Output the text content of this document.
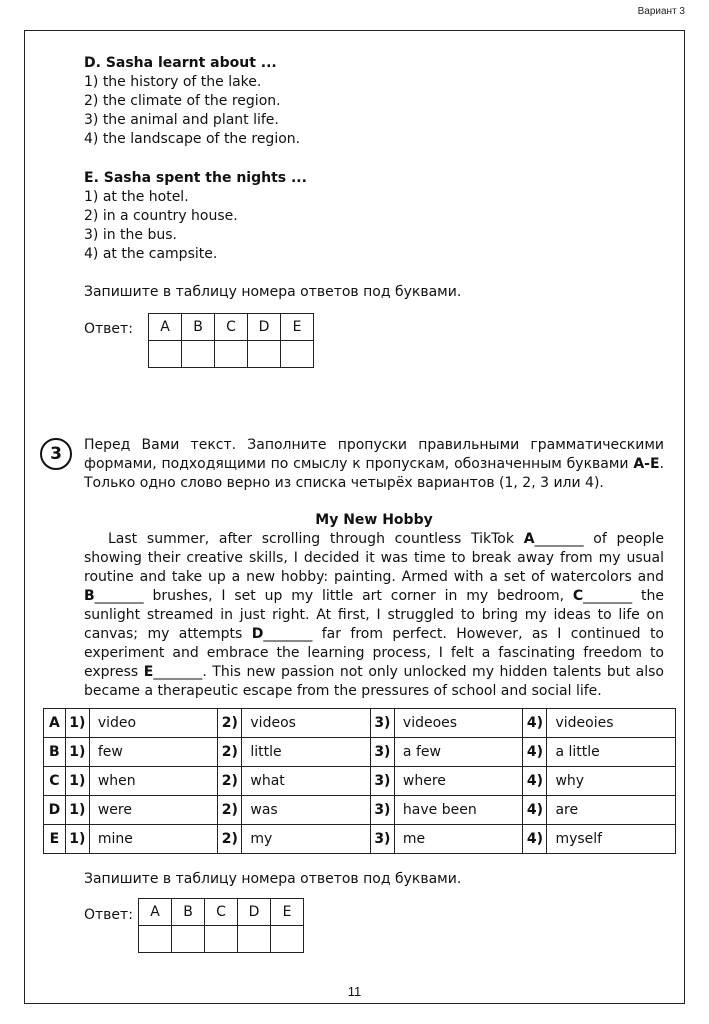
Вариант 3
D. Sasha learnt about ...
1) the history of the lake.
2) the climate of the region.
3) the animal and plant life.
4) the landscape of the region.
E. Sasha spent the nights ...
1) at the hotel.
2) in a country house.
3) in the bus.
4) at the campsite.
Запишите в таблицу номера ответов под буквами.
Ответ: A	B	C	D	E

3	Перед Вами текст. Заполните пропуски правильными грамматическими формами, подходящими по смыслу к пропускам, обозначенным буквами A-E. Только одно слово верно из списка четырёх вариантов (1, 2, 3 или 4).
My New Hobby

Last summer, after scrolling through countless TikTok A_______ of people showing their creative skills, I decided it was time to break away from my usual routine and take up a new hobby: painting. Armed with a set of watercolors and B_______ brushes, I set up my little art corner in my bedroom, C_______ the sunlight streamed in just right. At first, I struggled to bring my ideas to life on canvas; my attempts D_______ far from perfect. However, as I continued to experiment and embrace the learning process, I felt a fascinating freedom to express E_______. This new passion not only unlocked my hidden talents but also became a therapeutic escape from the pressures of school and social life.

A	1)	video	2)	videos	3)	videoes	4)	videoies
B	1)	few	2)	little	3)	a few	4)	a little
C	1)	when	2)	what	3)	where	4)	why
D	1)	were	2)	was	3)	have been	4)	are
E	1)	mine	2)	my	3)	me	4)	myself
Запишите в таблицу номера ответов под буквами.
Ответ: A	B	C	D	E

11
